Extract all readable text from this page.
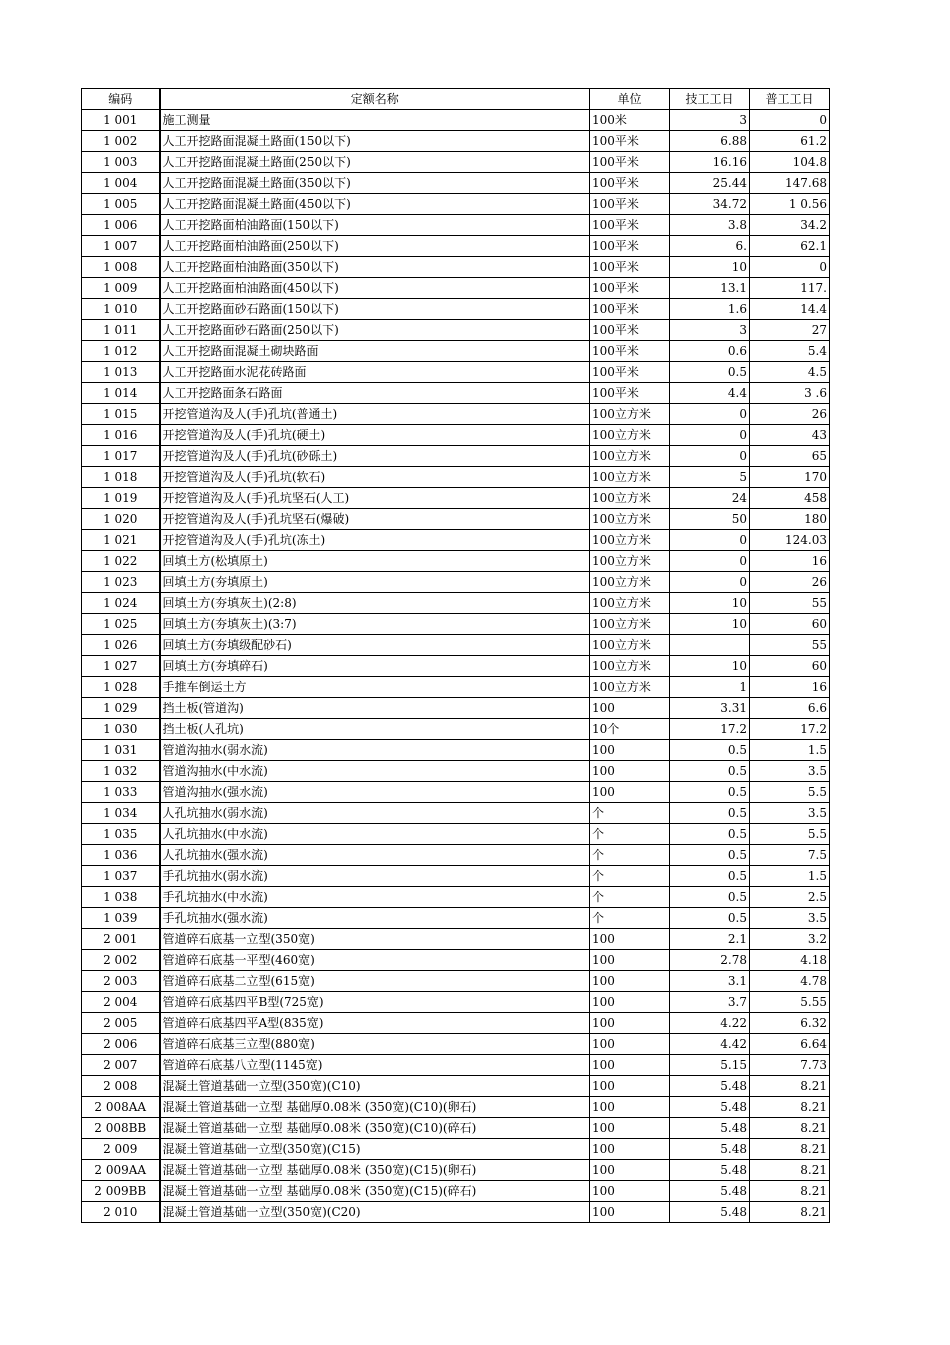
编码	定额名称	单位	技工工日	普工工日
1 001	施工测量	100米	3	0
1 002	人工开挖路面混凝土路面(150以下)	100平米	6.88	61.2
1 003	人工开挖路面混凝土路面(250以下)	100平米	16.16	104.8
1 004	人工开挖路面混凝土路面(350以下)	100平米	25.44	147.68
1 005	人工开挖路面混凝土路面(450以下)	100平米	34.72	1 0.56
1 006	人工开挖路面柏油路面(150以下)	100平米	3.8	34.2
1 007	人工开挖路面柏油路面(250以下)	100平米	6.	62.1
1 008	人工开挖路面柏油路面(350以下)	100平米	10	0
1 009	人工开挖路面柏油路面(450以下)	100平米	13.1	117.
1 010	人工开挖路面砂石路面(150以下)	100平米	1.6	14.4
1 011	人工开挖路面砂石路面(250以下)	100平米	3	27
1 012	人工开挖路面混凝土砌块路面	100平米	0.6	5.4
1 013	人工开挖路面水泥花砖路面	100平米	0.5	4.5
1 014	人工开挖路面条石路面	100平米	4.4	3 .6
1 015	开挖管道沟及人(手)孔坑(普通土)	100立方米	0	26
1 016	开挖管道沟及人(手)孔坑(硬土)	100立方米	0	43
1 017	开挖管道沟及人(手)孔坑(砂砾土)	100立方米	0	65
1 018	开挖管道沟及人(手)孔坑(软石)	100立方米	5	170
1 019	开挖管道沟及人(手)孔坑坚石(人工)	100立方米	24	458
1 020	开挖管道沟及人(手)孔坑坚石(爆破)	100立方米	50	180
1 021	开挖管道沟及人(手)孔坑(冻土)	100立方米	0	124.03
1 022	回填土方(松填原土)	100立方米	0	16
1 023	回填土方(夯填原土)	100立方米	0	26
1 024	回填土方(夯填灰土)(2:8)	100立方米	10	55
1 025	回填土方(夯填灰土)(3:7)	100立方米	10	60
1 026	回填土方(夯填级配砂石)	100立方米		55
1 027	回填土方(夯填碎石)	100立方米	10	60
1 028	手推车倒运土方	100立方米	1	16
1 029	挡土板(管道沟)	100	3.31	6.6
1 030	挡土板(人孔坑)	10个	17.2	17.2
1 031	管道沟抽水(弱水流)	100	0.5	1.5
1 032	管道沟抽水(中水流)	100	0.5	3.5
1 033	管道沟抽水(强水流)	100	0.5	5.5
1 034	人孔坑抽水(弱水流)	个	0.5	3.5
1 035	人孔坑抽水(中水流)	个	0.5	5.5
1 036	人孔坑抽水(强水流)	个	0.5	7.5
1 037	手孔坑抽水(弱水流)	个	0.5	1.5
1 038	手孔坑抽水(中水流)	个	0.5	2.5
1 039	手孔坑抽水(强水流)	个	0.5	3.5
2 001	管道碎石底基一立型(350宽)	100	2.1	3.2
2 002	管道碎石底基一平型(460宽)	100	2.78	4.18
2 003	管道碎石底基二立型(615宽)	100	3.1	4.78
2 004	管道碎石底基四平B型(725宽)	100	3.7	5.55
2 005	管道碎石底基四平A型(835宽)	100	4.22	6.32
2 006	管道碎石底基三立型(880宽)	100	4.42	6.64
2 007	管道碎石底基八立型(1145宽)	100	5.15	7.73
2 008	混凝土管道基础一立型(350宽)(C10)	100	5.48	8.21
2 008AA	混凝土管道基础一立型 基础厚0.08米 (350宽)(C10)(卵石)	100	5.48	8.21
2 008BB	混凝土管道基础一立型 基础厚0.08米 (350宽)(C10)(碎石)	100	5.48	8.21
2 009	混凝土管道基础一立型(350宽)(C15)	100	5.48	8.21
2 009AA	混凝土管道基础一立型 基础厚0.08米 (350宽)(C15)(卵石)	100	5.48	8.21
2 009BB	混凝土管道基础一立型 基础厚0.08米 (350宽)(C15)(碎石)	100	5.48	8.21
2 010	混凝土管道基础一立型(350宽)(C20)	100	5.48	8.21
